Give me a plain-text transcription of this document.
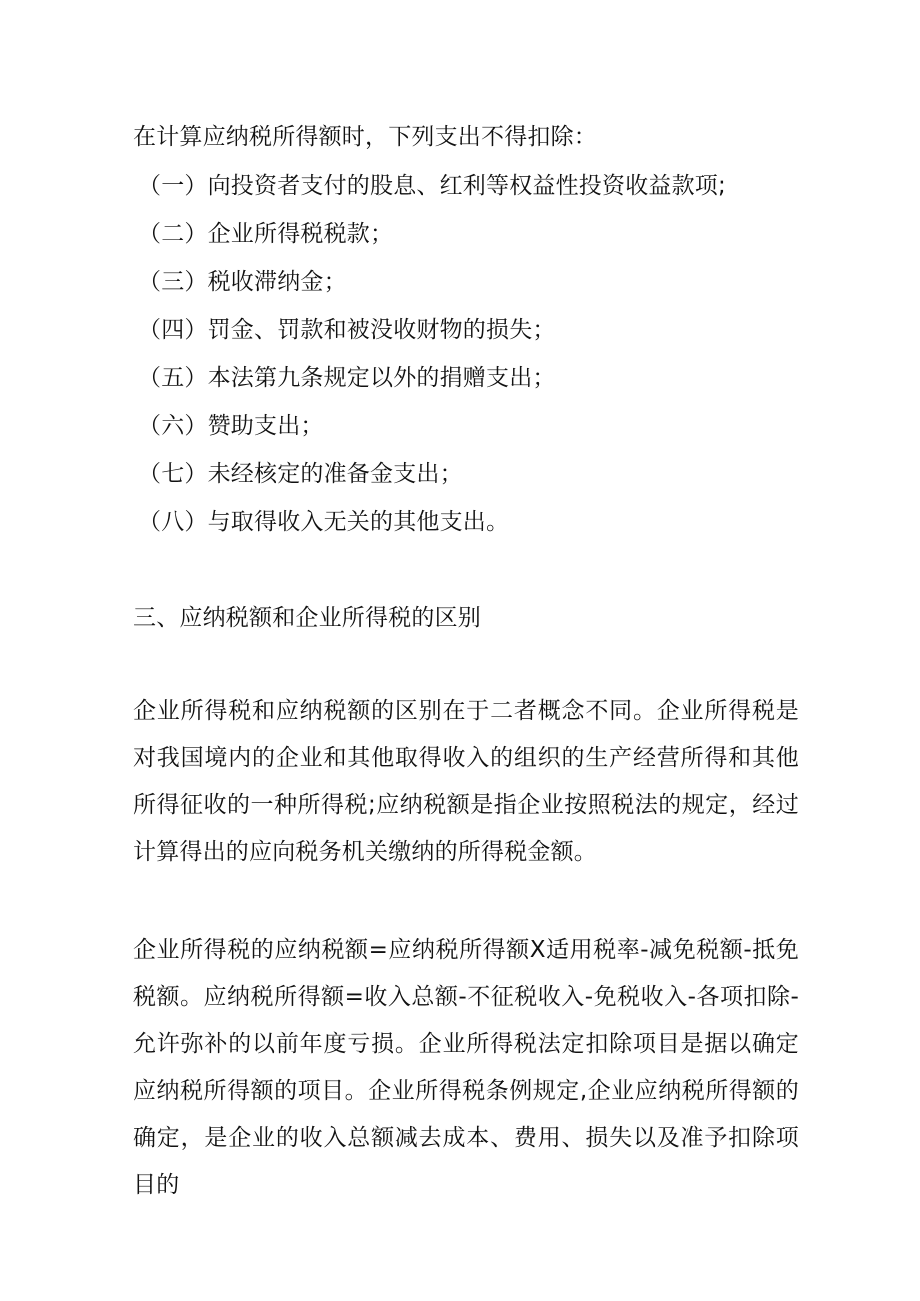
在计算应纳税所得额时，下列支出不得扣除：

（一）向投资者支付的股息、红利等权益性投资收益款项;

（二）企业所得税税款；

（三）税收滞纳金；

（四）罚金、罚款和被没收财物的损失；

（五）本法第九条规定以外的捐赠支出；

（六）赞助支出；

（七）未经核定的准备金支出；

（八）与取得收入无关的其他支出。

三、应纳税额和企业所得税的区别

企业所得税和应纳税额的区别在于二者概念不同。企业所得税是对我国境内的企业和其他取得收入的组织的生产经营所得和其他所得征收的一种所得税;应纳税额是指企业按照税法的规定，经过计算得出的应向税务机关缴纳的所得税金额。

企业所得税的应纳税额=应纳税所得额X适用税率-减免税额-抵免税额。应纳税所得额=收入总额-不征税收入-免税收入-各项扣除-允许弥补的以前年度亏损。企业所得税法定扣除项目是据以确定应纳税所得额的项目。企业所得税条例规定,企业应纳税所得额的确定，是企业的收入总额减去成本、费用、损失以及准予扣除项目的
